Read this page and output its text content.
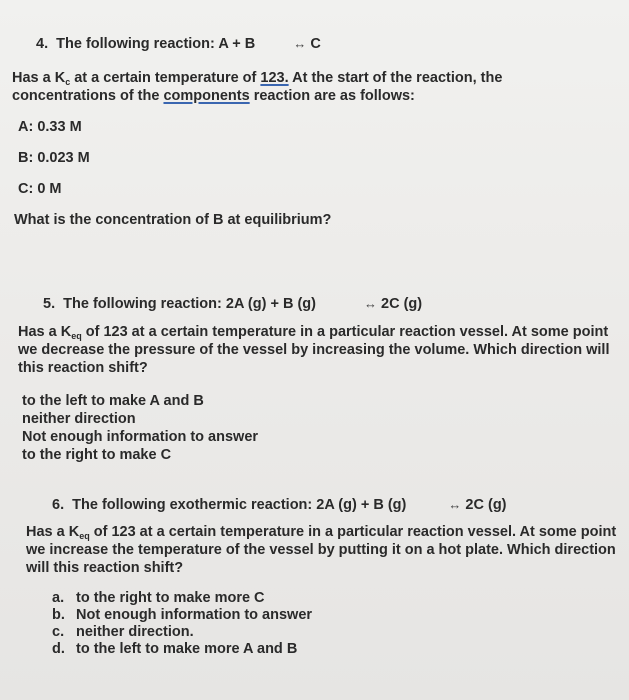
4. The following reaction: A + B	↔ C
Has a $K_c$ at a certain temperature of 123. At the start of the reaction, the
concentrations of the components reaction are as follows:
A: 0.33 M
B: 0.023 M
C: 0 M
What is the concentration of B at equilibrium?
5. The following reaction: 2A (g) + B (g)	↔ 2C (g)
Has a $K_{eq}$ of 123 at a certain temperature in a particular reaction vessel. At some point
we decrease the pressure of the vessel by increasing the volume. Which direction will
this reaction shift?
to the left to make A and B
neither direction
Not enough information to answer
to the right to make C
6. The following exothermic reaction: 2A (g) + B (g)	↔ 2C (g)
Has a $K_{eq}$ of 123 at a certain temperature in a particular reaction vessel. At some point
we increase the temperature of the vessel by putting it on a hot plate. Which direction
will this reaction shift?
a. to the right to make more C
b. Not enough information to answer
c. neither direction.
d. to the left to make more A and B
